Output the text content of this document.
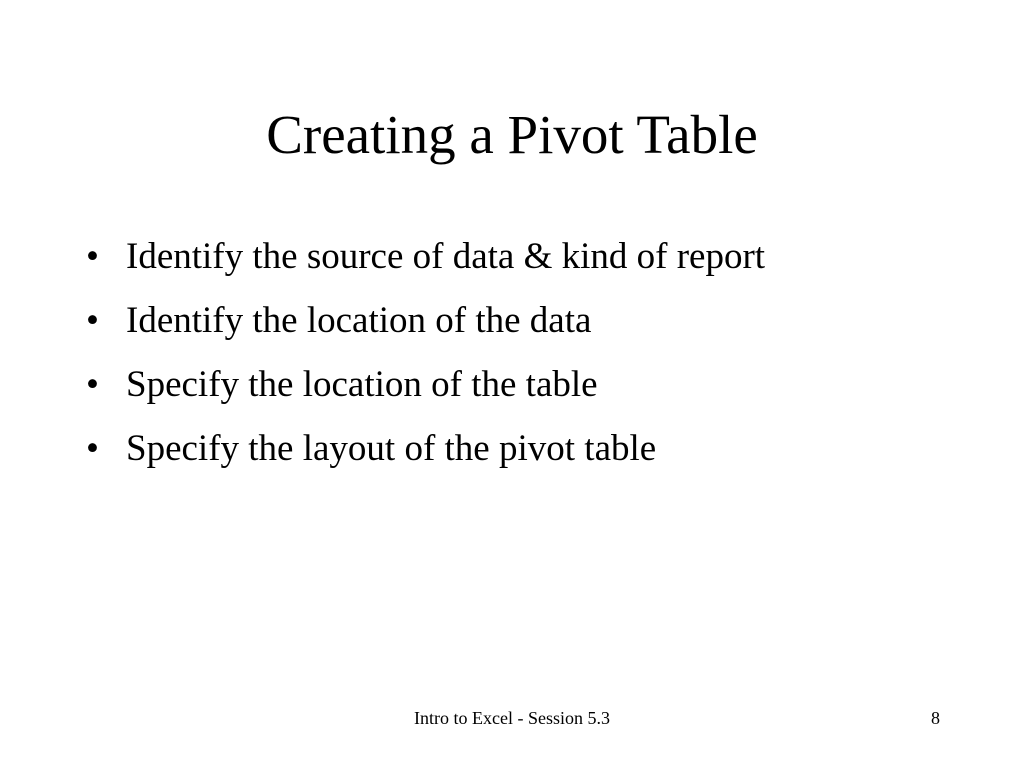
Creating a Pivot Table
• Identify the source of data & kind of report
• Identify the location of the data
• Specify the location of the table
• Specify the layout of the pivot table
Intro to Excel - Session 5.3	8
